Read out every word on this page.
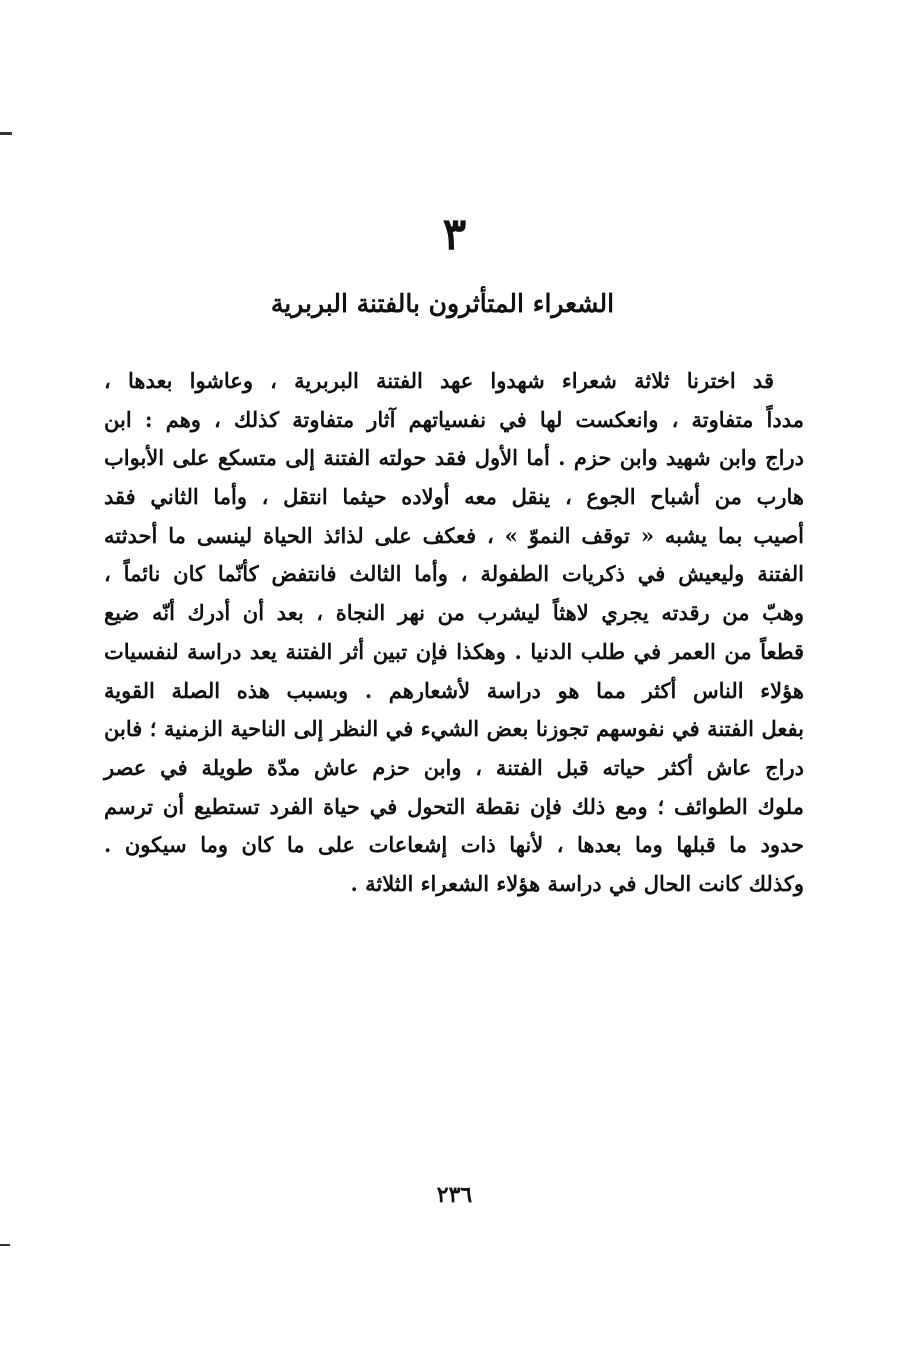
٣
الشعراء المتأثرون بالفتنة البربرية
قد اخترنا ثلاثة شعراء شهدوا عهد الفتنة البربرية ، وعاشوا بعدها ،
مدداً متفاوتة ، وانعكست لها في نفسياتهم آثار متفاوتة كذلك ، وهم : ابن
دراج وابن شهيد وابن حزم . أما الأول فقد حولته الفتنة إلى متسكع على الأبواب
هارب من أشباح الجوع ، ينقل معه أولاده حيثما انتقل ، وأما الثاني فقد
أصيب بما يشبه « توقف النموّ » ، فعكف على لذائذ الحياة لينسى ما أحدثته
الفتنة وليعيش في ذكريات الطفولة ، وأما الثالث فانتفض كأنّما كان نائماً ،
وهبّ من رقدته يجري لاهثاً ليشرب من نهر النجاة ، بعد أن أدرك أنّه ضيع
قطعاً من العمر في طلب الدنيا . وهكذا فإن تبين أثر الفتنة يعد دراسة لنفسيات
هؤلاء الناس أكثر مما هو دراسة لأشعارهم . وبسبب هذه الصلة القوية
بفعل الفتنة في نفوسهم تجوزنا بعض الشيء في النظر إلى الناحية الزمنية ؛ فابن
دراج عاش أكثر حياته قبل الفتنة ، وابن حزم عاش مدّة طويلة في عصر
ملوك الطوائف ؛ ومع ذلك فإن نقطة التحول في حياة الفرد تستطيع أن ترسم
حدود ما قبلها وما بعدها ، لأنها ذات إشعاعات على ما كان وما سيكون .
وكذلك كانت الحال في دراسة هؤلاء الشعراء الثلاثة .
٢٣٦
